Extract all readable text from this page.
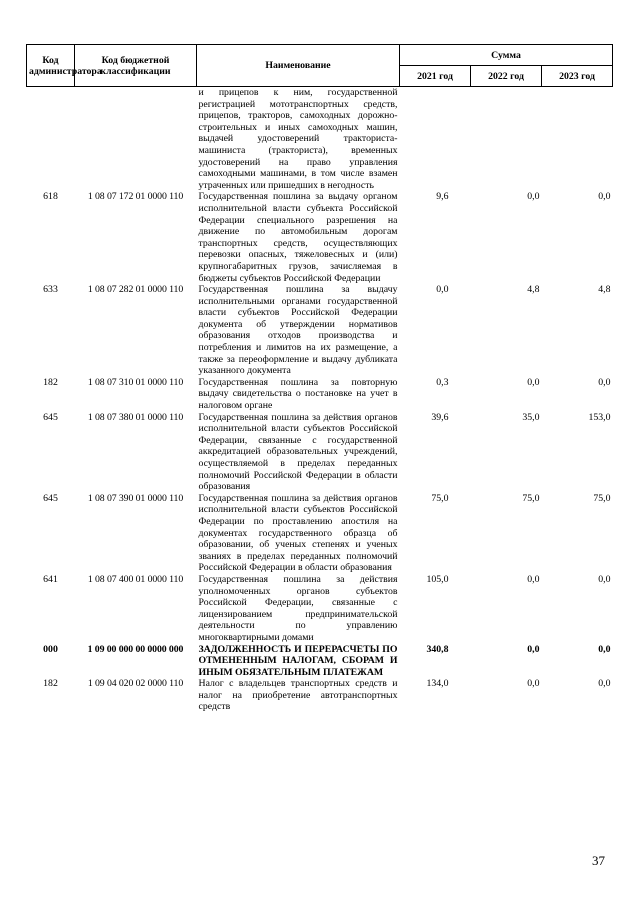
Код администратора	Код бюджетной классификации	Наименование	Сумма		
			2021 год	2022 год	2023 год
		и прицепов к ним, государственной регистрацией мототранспортных средств, прицепов, тракторов, самоходных дорожно-строительных и иных самоходных машин, выдачей удостоверений тракториста-машиниста (тракториста), временных удостоверений на право управления самоходными машинами, в том числе взамен утраченных или пришедших в негодность			
618	1 08 07 172 01 0000 110	Государственная пошлина за выдачу органом исполнительной власти субъекта Российской Федерации специального разрешения на движение по автомобильным дорогам транспортных средств, осуществляющих перевозки опасных, тяжеловесных и (или) крупногабаритных грузов, зачисляемая в бюджеты субъектов Российской Федерации	9,6	0,0	0,0
633	1 08 07 282 01 0000 110	Государственная пошлина за выдачу исполнительными органами государственной власти субъектов Российской Федерации документа об утверждении нормативов образования отходов производства и потребления и лимитов на их размещение, а также за переоформление и выдачу дубликата указанного документа	0,0	4,8	4,8
182	1 08 07 310 01 0000 110	Государственная пошлина за повторную выдачу свидетельства о постановке на учет в налоговом органе	0,3	0,0	0,0
645	1 08 07 380 01 0000 110	Государственная пошлина за действия органов исполнительной власти субъектов Российской Федерации, связанные с государственной аккредитацией образовательных учреждений, осуществляемой в пределах переданных полномочий Российской Федерации в области образования	39,6	35,0	153,0
645	1 08 07 390 01 0000 110	Государственная пошлина за действия органов исполнительной власти субъектов Российской Федерации по проставлению апостиля на документах государственного образца об образовании, об ученых степенях и ученых званиях в пределах переданных полномочий Российской Федерации в области образования	75,0	75,0	75,0
641	1 08 07 400 01 0000 110	Государственная пошлина за действия уполномоченных органов субъектов Российской Федерации, связанные с лицензированием предпринимательской деятельности по управлению многоквартирными домами	105,0	0,0	0,0
000	1 09 00 000 00 0000 000	ЗАДОЛЖЕННОСТЬ И ПЕРЕРАСЧЕТЫ ПО ОТМЕНЕННЫМ НАЛОГАМ, СБОРАМ И ИНЫМ ОБЯЗАТЕЛЬНЫМ ПЛАТЕЖАМ	340,8	0,0	0,0
182	1 09 04 020 02 0000 110	Налог с владельцев транспортных средств и налог на приобретение автотранспортных средств	134,0	0,0	0,0
37
